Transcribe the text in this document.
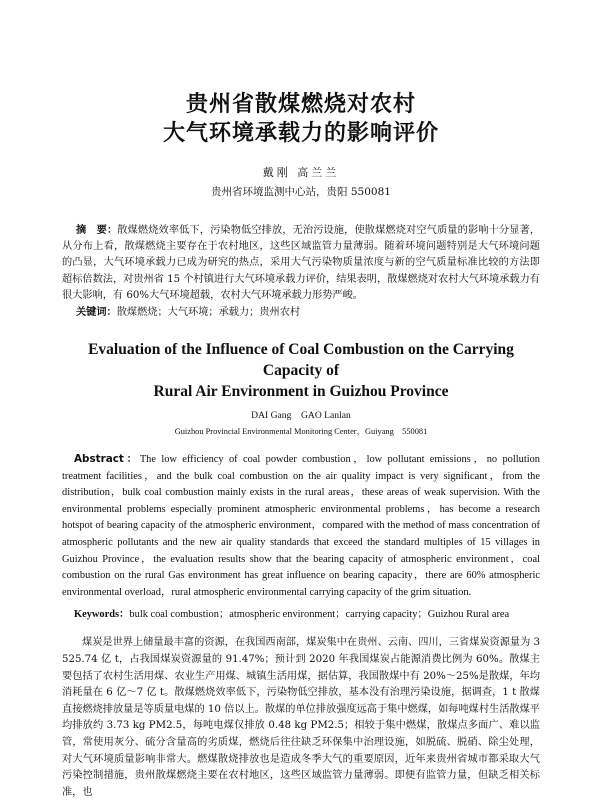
贵州省散煤燃烧对农村
大气环境承载力的影响评价
戴刚 高兰兰
贵州省环境监测中心站，贵阳 550081
摘　要：散煤燃烧效率低下，污染物低空排放，无治污设施，使散煤燃烧对空气质量的影响十分显著，从分布上看，散煤燃烧主要存在于农村地区，这些区域监管力量薄弱。随着环境问题特别是大气环境问题的凸显，大气环境承载力已成为研究的热点，采用大气污染物质量浓度与新的空气质量标准比较的方法即超标倍数法，对贵州省 15 个村镇进行大气环境承载力评价，结果表明，散煤燃烧对农村大气环境承载力有很大影响，有 60%大气环境超载，农村大气环境承载力形势严峻。
关键词：散煤燃烧；大气环境；承载力；贵州农村
Evaluation of the Influence of Coal Combustion on the Carrying Capacity of
Rural Air Environment in Guizhou Province
DAI Gang　GAO Lanlan
Guizhou Provincial Environmental Monitoring Center，Guiyang　550081
Abstract：The low efficiency of coal powder combustion，low pollutant emissions，no pollution treatment facilities，and the bulk coal combustion on the air quality impact is very significant，from the distribution，bulk coal combustion mainly exists in the rural areas，these areas of weak supervision. With the environmental problems especially prominent atmospheric environmental problems，has become a research hotspot of bearing capacity of the atmospheric environment，compared with the method of mass concentration of atmospheric pollutants and the new air quality standards that exceed the standard multiples of 15 villages in Guizhou Province，the evaluation results show that the bearing capacity of atmospheric environment，coal combustion on the rural Gas environment has great influence on bearing capacity，there are 60% atmospheric environmental overload，rural atmospheric environmental carrying capacity of the grim situation.
Keywords：bulk coal combustion；atmospheric environment；carrying capacity；Guizhou Rural area
煤炭是世界上储量最丰富的资源，在我国西南部，煤炭集中在贵州、云南、四川，三省煤炭资源量为 3 525.74 亿 t，占我国煤炭资源量的 91.47%；预计到 2020 年我国煤炭占能源消费比例为 60%。散煤主要包括了农村生活用煤、农业生产用煤、城镇生活用煤，据估算，我国散煤中有 20%～25%是散煤，年均消耗量在 6 亿～7 亿 t。散煤燃烧效率低下，污染物低空排放，基本没有治理污染设施，据调查，1 t 散煤直接燃烧排放量是等质量电煤的 10 倍以上。散煤的单位排放强度远高于集中燃煤，如每吨煤村生活散煤平均排放约 3.73 kg PM2.5，每吨电煤仅排放 0.48 kg PM2.5；相较于集中燃煤，散煤点多面广、难以监管，常使用灰分、硫分含量高的劣质煤，燃烧后往往缺乏环保集中治理设施，如脱硫、脱硝、除尘处理，对大气环境质量影响非常大。燃煤散烧排放也是造成冬季大气的重要原因，近年来贵州省城市都采取大气污染控制措施，贵州散煤燃烧主要在农村地区，这些区域监管力量薄弱。即便有监管力量，但缺乏相关标准，也
